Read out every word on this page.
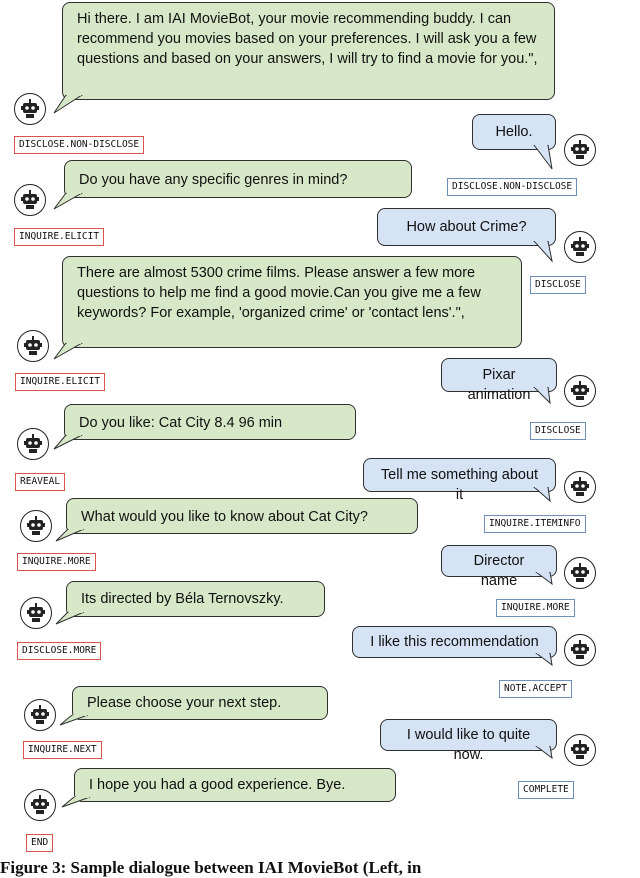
Hi there. I am IAI MovieBot, your movie recommending buddy. I can recommend you movies based on your preferences. I will ask you a few questions and based on your answers, I will try to find a movie for you.",
DISCLOSE.NON-DISCLOSE
Hello.
DISCLOSE.NON-DISCLOSE
Do you have any specific genres in mind?
INQUIRE.ELICIT
How about Crime?
DISCLOSE
There are almost 5300 crime films. Please answer a few more questions to help me find a good movie.Can you give me a few keywords? For example, 'organized crime' or 'contact lens'.",
INQUIRE.ELICIT	Pixar animation
DISCLOSE
Do you like: Cat City 8.4 96 min
REAVEAL	Tell me something about it
INQUIRE.ITEMINFO
What would you like to know about Cat City?
INQUIRE.MORE	Director name
INQUIRE.MORE
Its directed by Béla Ternovszky.
DISCLOSE.MORE
I like this recommendation
NOTE.ACCEPT
Please choose your next step.
INQUIRE.NEXT
I would like to quite now.
COMPLETE
I hope you had a good experience. Bye.
END
Figure 3: Sample dialogue between IAI MovieBot (Left, in
